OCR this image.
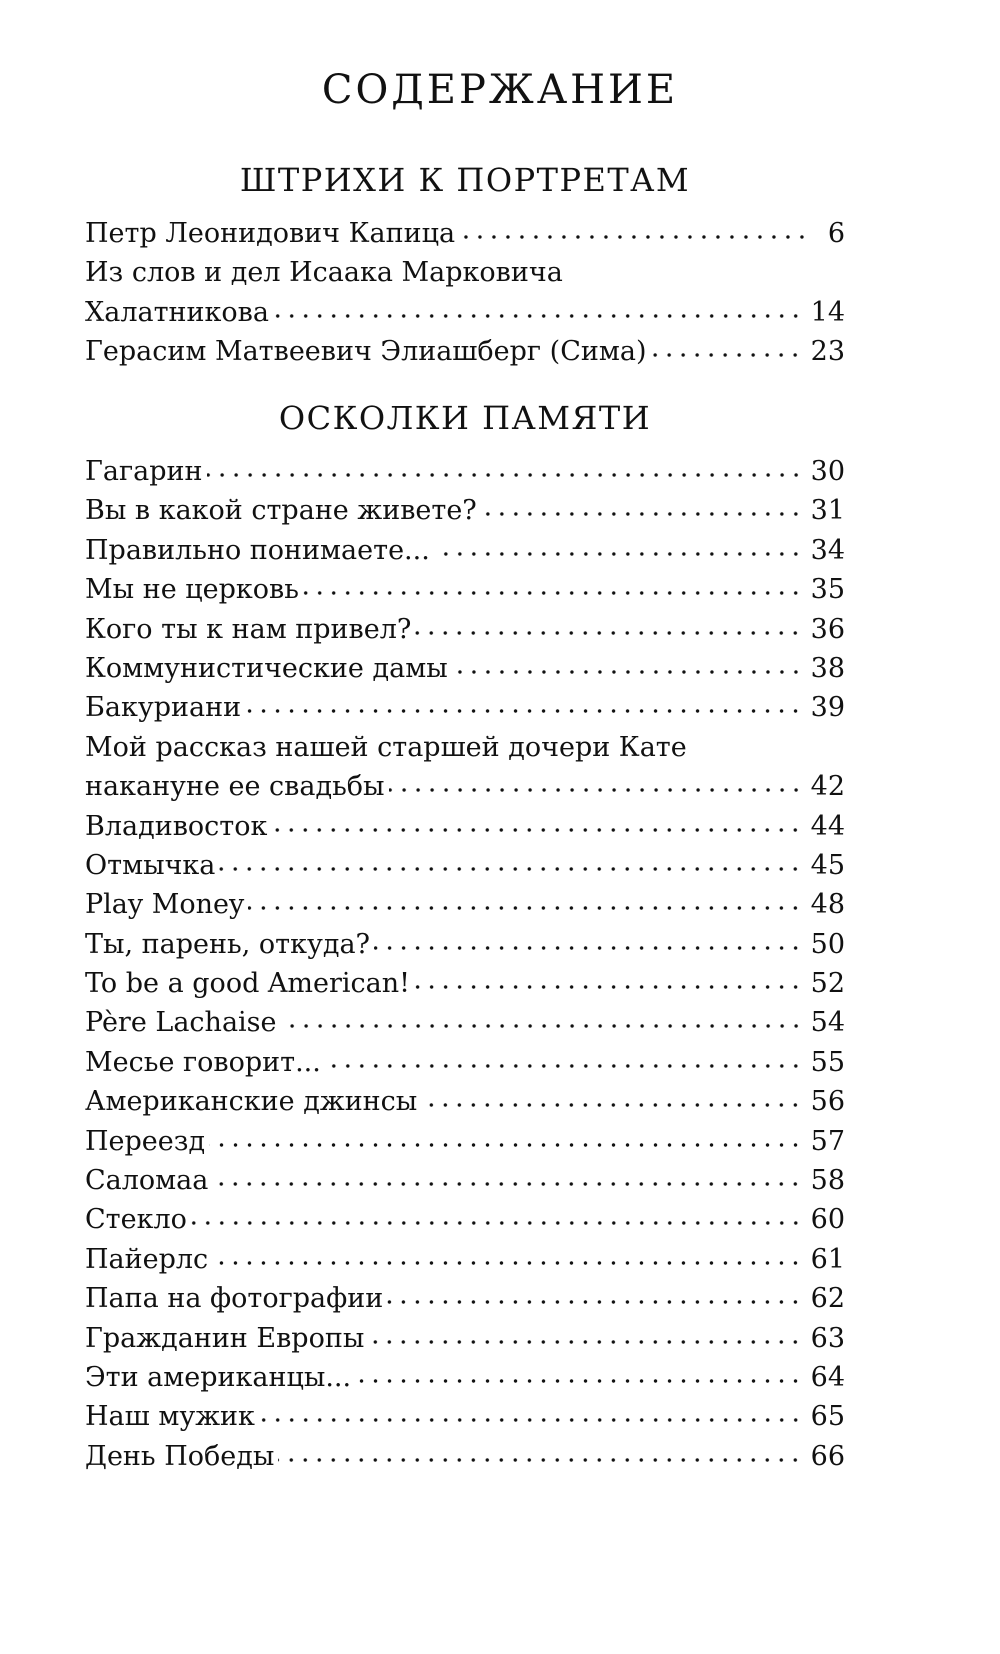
СОДЕРЖАНИЕ
ШТРИХИ К ПОРТРЕТАМ
Петр Леонидович Капица	6
Из слов и дел Исаака Марковича
Халатникова	14
Герасим Матвеевич Элиашберг (Сима)	23
ОСКОЛКИ ПАМЯТИ
Гагарин	30
Вы в какой стране живете?	31
Правильно понимаете...	34
Мы не церковь	35
Кого ты к нам привел?	36
Коммунистические дамы	38
Бакуриани	39
Мой рассказ нашей старшей дочери Кате
накануне ее свадьбы	42
Владивосток	44
Отмычка	45
Play Money	48
Ты, парень, откуда?	50
To be a good American!	52
Père Lachaise	54
Месье говорит...	55
Американские джинсы	56
Переезд	57
Саломаа	58
Стекло	60
Пайерлс	61
Папа на фотографии	62
Гражданин Европы	63
Эти американцы...	64
Наш мужик	65
День Победы	66
